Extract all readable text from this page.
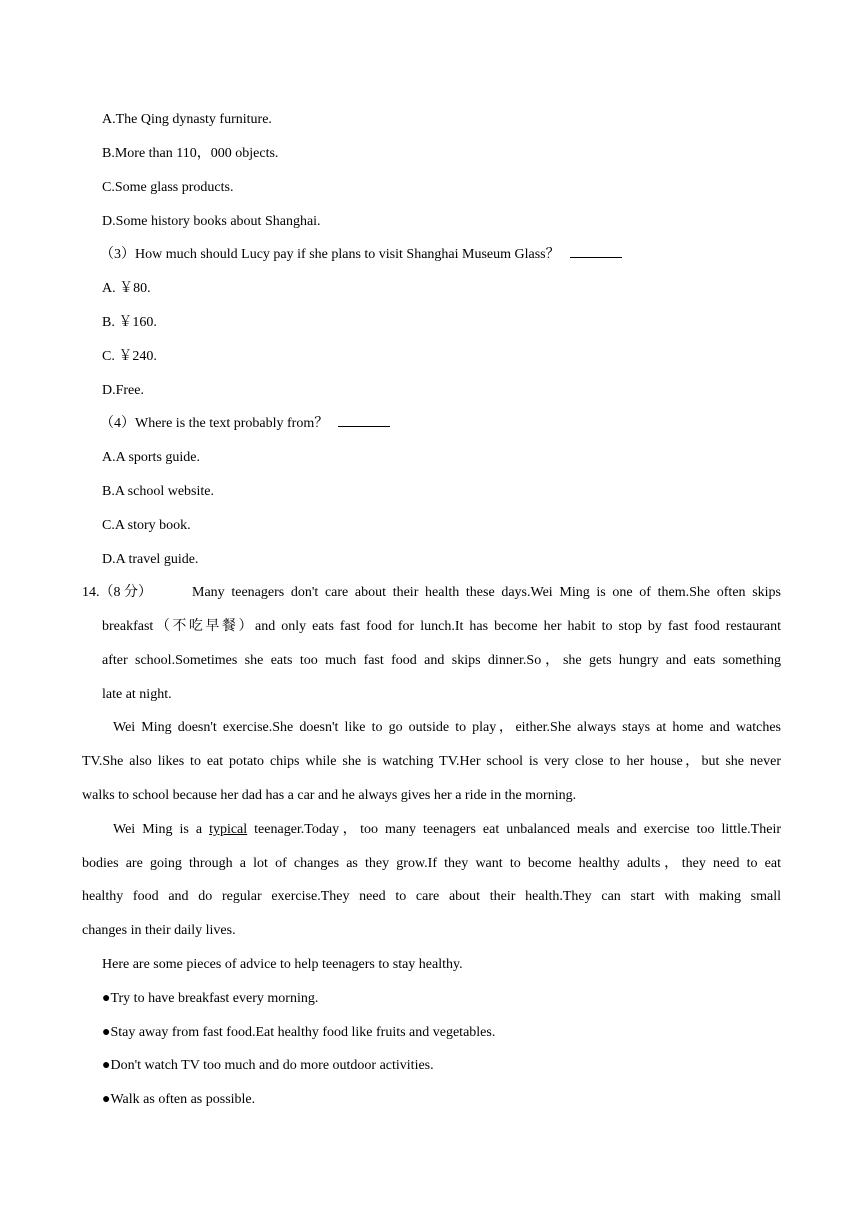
A.The Qing dynasty furniture.
B.More than 110，000 objects.
C.Some glass products.
D.Some history books about Shanghai.
（3）How much should Lucy pay if she plans to visit Shanghai Museum Glass？
A. ￥80.
B. ￥160.
C. ￥240.
D.Free.
（4）Where is the text probably from？
A.A sports guide.
B.A school website.
C.A story book.
D.A travel guide.
14.（8 分）	Many teenagers don't care about their health these days.Wei Ming is one of them.She often skips
breakfast（不吃早餐）and only eats fast food for lunch.It has become her habit to stop by fast food restaurant
after school.Sometimes she eats too much fast food and skips dinner.So，she gets hungry and eats something
late at night.
Wei Ming doesn't exercise.She doesn't like to go outside to play，either.She always stays at home and watches
TV.She also likes to eat potato chips while she is watching TV.Her school is very close to her house，but she never
walks to school because her dad has a car and he always gives her a ride in the morning.
Wei Ming is a typical teenager.Today，too many teenagers eat unbalanced meals and exercise too little.Their
bodies are going through a lot of changes as they grow.If they want to become healthy adults，they need to eat
healthy food and do regular exercise.They need to care about their health.They can start with making small
changes in their daily lives.
Here are some pieces of advice to help teenagers to stay healthy.
●Try to have breakfast every morning.
●Stay away from fast food.Eat healthy food like fruits and vegetables.
●Don't watch TV too much and do more outdoor activities.
●Walk as often as possible.
